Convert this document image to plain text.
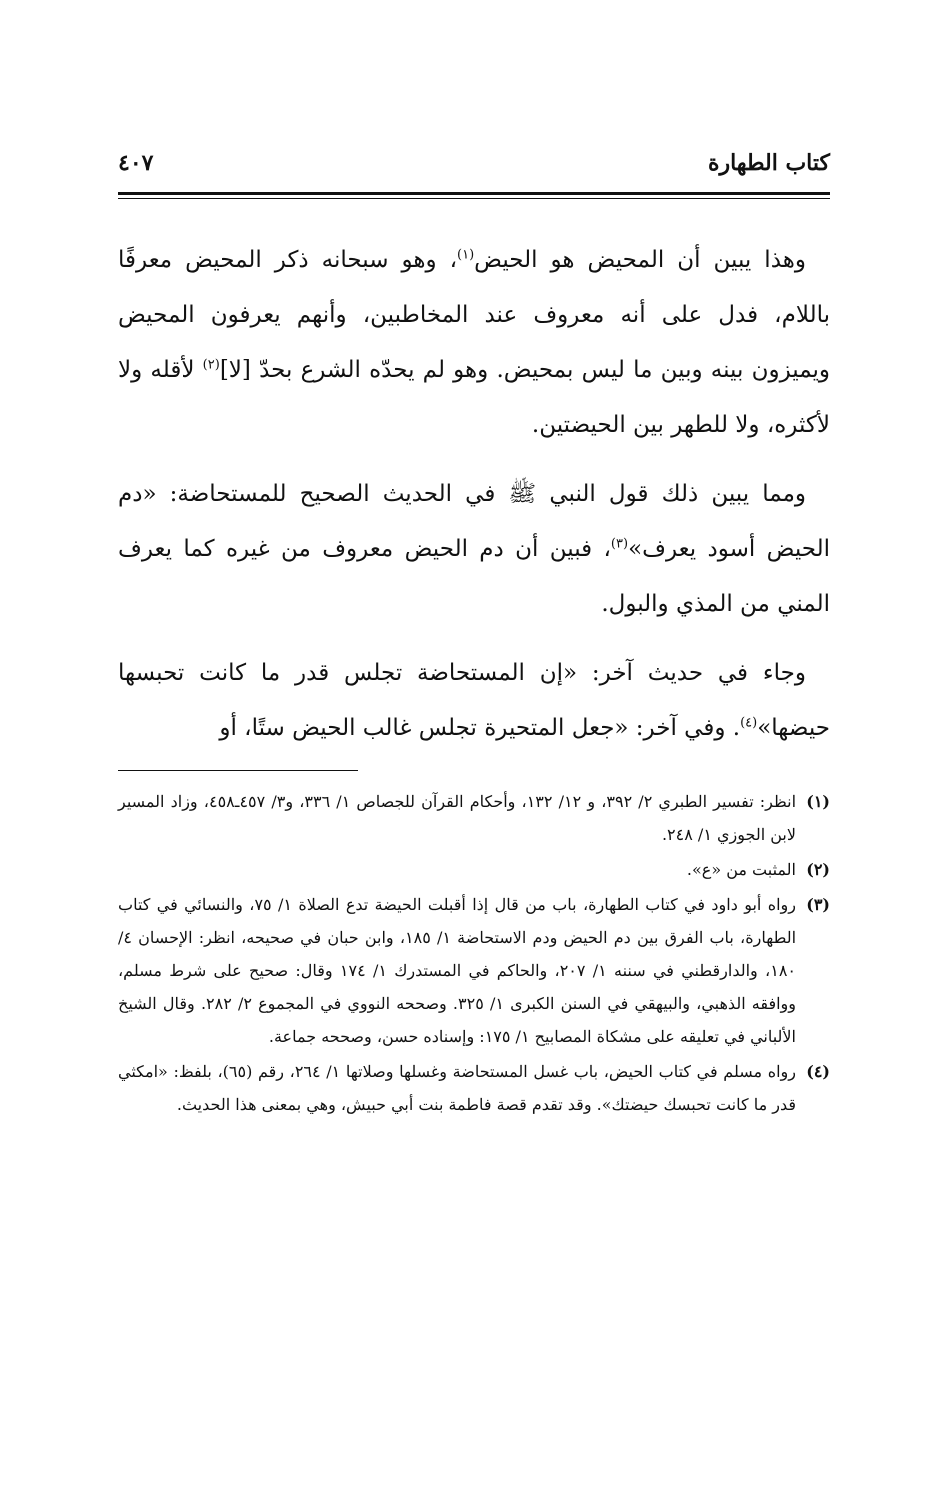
كتاب الطهارة
٤٠٧

وهذا يبين أن المحيض هو الحيض$^{(١)}$، وهو سبحانه ذكر المحيض معرفًا باللام، فدل على أنه معروف عند المخاطبين، وأنهم يعرفون المحيض ويميزون بينه وبين ما ليس بمحيض. وهو لم يحدّه الشرع بحدّ [لا]$^{(٢)}$ لأقله ولا لأكثره، ولا للطهر بين الحيضتين.

ومما يبين ذلك قول النبي ﷺ في الحديث الصحيح للمستحاضة: «دم الحيض أسود يعرف»$^{(٣)}$، فبين أن دم الحيض معروف من غيره كما يعرف المني من المذي والبول.

وجاء في حديث آخر: «إن المستحاضة تجلس قدر ما كانت تحبسها حيضها»$^{(٤)}$. وفي آخر: «جعل المتحيرة تجلس غالب الحيض ستًا، أو

(١)
انظر: تفسير الطبري ٢/ ٣٩٢، و ١٢/ ١٣٢، وأحكام القرآن للجصاص ١/ ٣٣٦، و٣/ ٤٥٧ـ٤٥٨، وزاد المسير لابن الجوزي ١/ ٢٤٨.
(٢)
المثبت من «ع».
(٣)
رواه أبو داود في كتاب الطهارة، باب من قال إذا أقبلت الحيضة تدع الصلاة ١/ ٧٥، والنسائي في كتاب الطهارة، باب الفرق بين دم الحيض ودم الاستحاضة ١/ ١٨٥، وابن حبان في صحيحه، انظر: الإحسان ٤/ ١٨٠، والدارقطني في سننه ١/ ٢٠٧، والحاكم في المستدرك ١/ ١٧٤ وقال: صحيح على شرط مسلم، ووافقه الذهبي، والبيهقي في السنن الكبرى ١/ ٣٢٥. وصححه النووي في المجموع ٢/ ٢٨٢. وقال الشيخ الألباني في تعليقه على مشكاة المصابيح ١/ ١٧٥: وإسناده حسن، وصححه جماعة.
(٤)
رواه مسلم في كتاب الحيض، باب غسل المستحاضة وغسلها وصلاتها ١/ ٢٦٤، رقم (٦٥)، بلفظ: «امكثي قدر ما كانت تحبسك حيضتك». وقد تقدم قصة فاطمة بنت أبي حبيش، وهي بمعنى هذا الحديث.
